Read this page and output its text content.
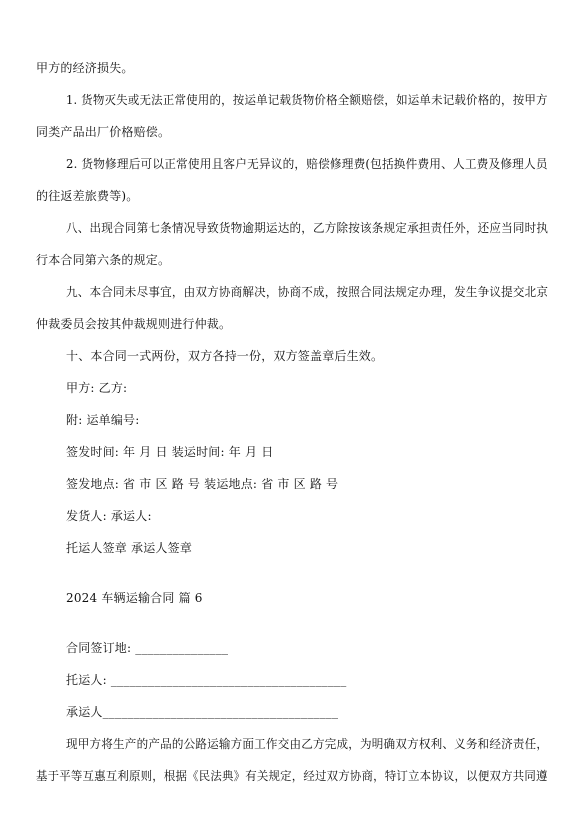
甲方的经济损失。
1. 货物灭失或无法正常使用的，按运单记载货物价格全额赔偿，如运单未记载价格的，按甲方
同类产品出厂价格赔偿。
2. 货物修理后可以正常使用且客户无异议的，赔偿修理费(包括换件费用、人工费及修理人员
的往返差旅费等)。
八、出现合同第七条情况导致货物逾期运达的，乙方除按该条规定承担责任外，还应当同时执
行本合同第六条的规定。
九、本合同未尽事宜，由双方协商解决，协商不成，按照合同法规定办理，发生争议提交北京
仲裁委员会按其仲裁规则进行仲裁。
十、本合同一式两份，双方各持一份，双方签盖章后生效。
甲方: 乙方:
附: 运单编号:
签发时间: 年 月 日 装运时间: 年 月 日
签发地点: 省 市 区 路 号 装运地点: 省 市 区 路 号
发货人: 承运人:
托运人签章 承运人签章
2024 车辆运输合同 篇 6
合同签订地: _______________
托运人: ______________________________________
承运人______________________________________
现甲方将生产的产品的公路运输方面工作交由乙方完成，为明确双方权利、义务和经济责任，
基于平等互惠互利原则，根据《民法典》有关规定，经过双方协商，特订立本协议，以便双方共同遵
